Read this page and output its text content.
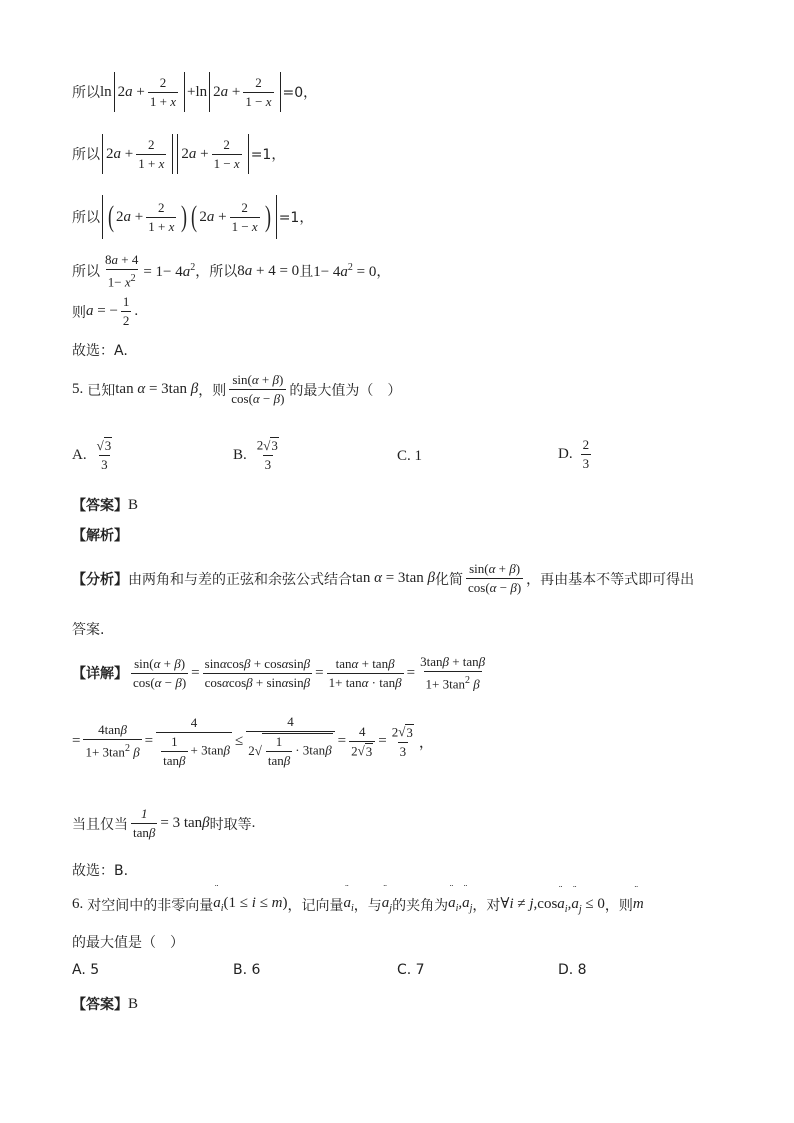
所以 $\ln 2a + \frac{2}{1 + x} +\ln$ $2a + \frac{2}{1 - x} =0$，
所以 $2a + \frac{2}{1 + x} 2a + \frac{2}{1 - x} =1$，
所以 ( $2a + \frac{2}{1 + x}$ ) ( $2a + \frac{2}{1 - x}$ ) =1，
所以 $\frac{8a + 4}{1- x^2} = 1- 4a^2$ ，所以 8a + 4 = 0 且 $1- 4a^2 = 0$ ，
则 a = − $\frac{1}{2}$ .
故选：A.
5. 已知 tan α = 3tan β ，则 $\frac{\sin(\alpha + \beta)}{\cos(\alpha - \beta)}$ 的最大值为（　）
A. $\frac{√ 3}{3}$	B. $\frac{2√ 3}{3}$	C. 1	D. $\frac{2}{3}$
【答案】 B
【解析】
【分析】 由两角和与差的正弦和余弦公式结合 tan α = 3tan β 化简 $\frac{\sin(\alpha + \beta)}{\cos(\alpha - \beta)}$ ，再由基本不等式即可得出
答案.
【详解】 $\frac{\sin(\alpha + \beta)}{\cos(\alpha - \beta)} = \frac{\sin\alpha\cos\beta + \cos\alpha\sin\beta}{\cos\alpha\cos\beta + \sin\alpha\sin\beta} = \frac{\tan\alpha + \tan\beta}{1+ \tan\alpha \cdot \tan\beta} = \frac{3\tan\beta + \tan\beta}{1+ 3\tan^2 \beta}$
= $\frac{4\tan\beta}{1+ 3\tan^2 \beta} = \frac{4}{\frac{1}{\tan\beta} + 3\tan\beta} \le \frac{4}{2√ \frac{1}{\tan\beta} \cdot 3\tan\beta} = \frac{4}{2√ 3} = \frac{2√ 3}{3}$ ，
当且仅当 $\frac{1}{\tan\beta} = 3$ tanβ 时取等 .
故选：B.
6. 对空间中的非零向量 ̈ $a_i(1 \le i \le m)$ ，记向量 ̈ $a_i$ ，与 ̈ $a_j$ 的夹角为 ̈ $a_i,̈$ $a_j$ ，对 ∀i ≠ j,cos̈ $a_i,̈$ $a_j \le 0$ ，则 ̈ m
的最大值是（　）
A. 5	B. 6	C. 7	D. 8
【答案】 B
